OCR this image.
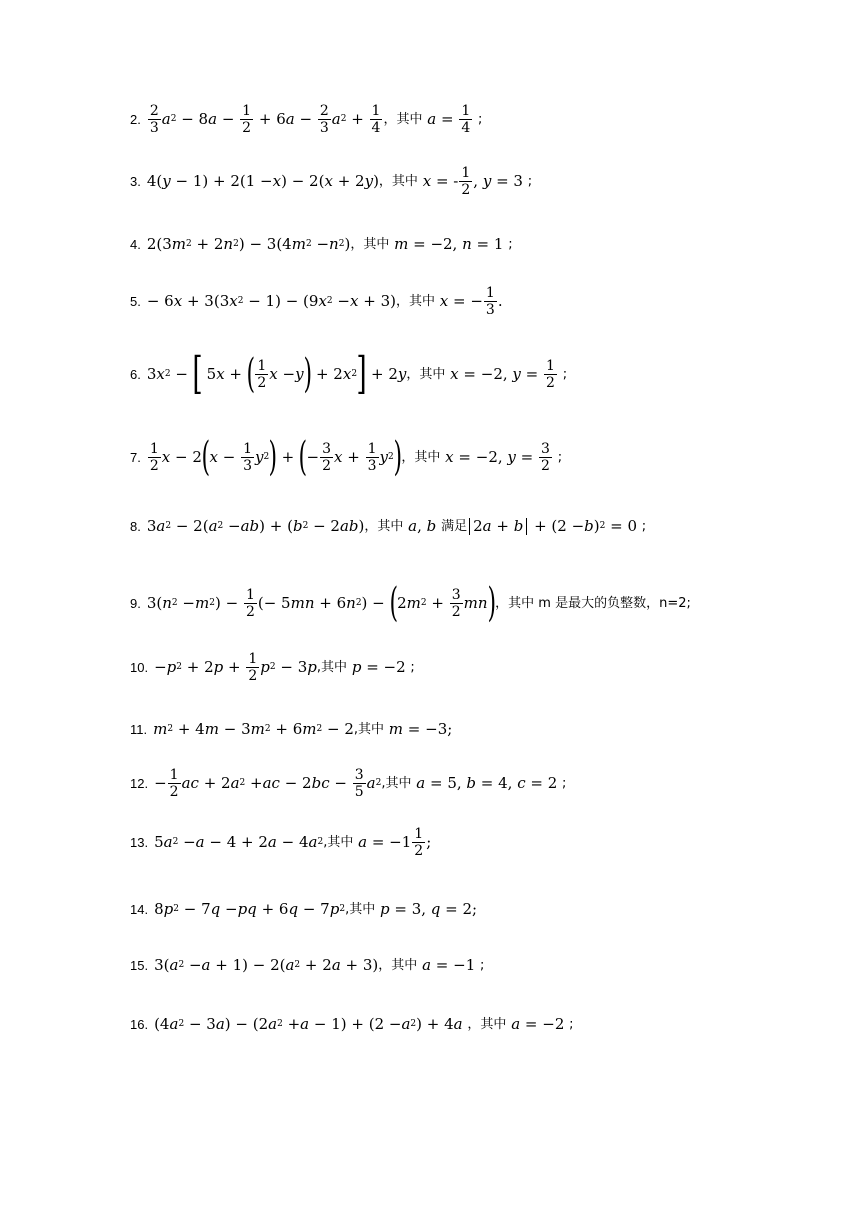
2. $\frac{2}{3}$ a 2 − 8 $a - \frac{1}{2} + 6$ $a - \frac{2}{3}$ a $2 + \frac{1}{4}$ ，其中
$a = \frac{1}{4}$
;
3. 4( y − 1) + 2(1 − x ) − 2( x + 2 y ) ，其中
x = - $\frac{1}{2}$ , y = 3 ;
4. 2(3 m 2 + 2 n 2 ) − 3(4 m 2 − n 2 ) ，其中
m = −2, n = 1 ;
5. − 6 x + 3(3 x 2 − 1) − (9 x 2 − x + 3) ，其中
x = − $\frac{1}{3}$ .
6. 3 x 2 − [ 5 x + ( $\frac{1}{2}$ x − y ) + 2 x 2 ] + 2 y ，其中
x = −2, $y = \frac{1}{2}$
;
7. $\frac{1}{2}$ x − 2 ( $x - \frac{1}{3}$ y 2 ) + ( − $\frac{3}{2}$ $x + \frac{1}{3}$ y 2 ) ，其中
x = −2, $y = \frac{3}{2}$
;
8. 3 a 2 − 2( a 2 − ab ) + ( b 2 − 2 ab ) ，其中
a , b
满足 2a + b + (2 − b ) 2 = 0 ;
9. 3( n 2 − m 2 ) − $\frac{1}{2}$ (− 5 mn + 6 n 2 ) − ( 2 m $2 + \frac{3}{2}$ mn ) ，其中 m 是最大的负整数，n=2;
10. − p 2 + 2 $p + \frac{1}{2}$ p 2 − 3 p ,其中
p = −2 ;
11. m 2 + 4 m − 3 m 2 + 6 m 2 − 2 ,其中
m = −3;
12. − $\frac{1}{2}$ ac + 2 a 2 + ac − 2 bc − $\frac{3}{5}$ a 2 ,其中
a = 5, b = 4, c = 2 ;
13. 5 a 2 − a − 4 + 2 a − 4 a 2 ,其中
$a = -1 \frac{1}{2}$ ;
14. 8 p 2 − 7 q − pq + 6 q − 7 p 2 ,其中
p = 3, q = 2;
15. 3( a 2 − a + 1) − 2( a 2 + 2 a + 3) ，其中
a = −1 ;
16. (4 a 2 − 3 a ) − (2 a 2 + a − 1) + (2 − a 2 ) + 4 a
，其中
a = −2 ;
